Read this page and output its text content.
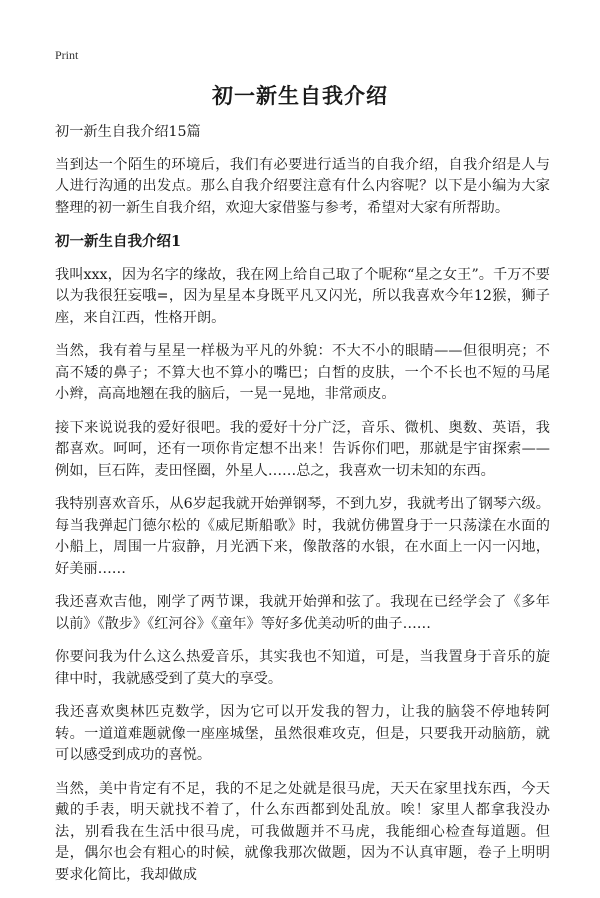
Print
初一新生自我介绍

初一新生自我介绍15篇

当到达一个陌生的环境后，我们有必要进行适当的自我介绍，自我介绍是人与人进行沟通的出发点。那么自我介绍要注意有什么内容呢？以下是小编为大家整理的初一新生自我介绍，欢迎大家借鉴与参考，希望对大家有所帮助。

初一新生自我介绍1

我叫xxx，因为名字的缘故，我在网上给自己取了个昵称“星之女王”。千万不要以为我很狂妄哦=，因为星星本身既平凡又闪光，所以我喜欢今年12猴，狮子座，来自江西，性格开朗。

当然，我有着与星星一样极为平凡的外貌：不大不小的眼睛——但很明亮；不高不矮的鼻子；不算大也不算小的嘴巴；白皙的皮肤，一个不长也不短的马尾小辫，高高地翘在我的脑后，一晃一晃地，非常顽皮。

接下来说说我的爱好很吧。我的爱好十分广泛，音乐、微机、奥数、英语，我都喜欢。呵呵，还有一项你肯定想不出来！告诉你们吧，那就是宇宙探索——例如，巨石阵，麦田怪圈，外星人……总之，我喜欢一切未知的东西。

我特别喜欢音乐，从6岁起我就开始弹钢琴，不到九岁，我就考出了钢琴六级。每当我弹起门德尔松的《威尼斯船歌》时，我就仿佛置身于一只荡漾在水面的小船上，周围一片寂静，月光洒下来，像散落的水银，在水面上一闪一闪地，好美丽……

我还喜欢吉他，刚学了两节课，我就开始弹和弦了。我现在已经学会了《多年以前》《散步》《红河谷》《童年》等好多优美动听的曲子……

你要问我为什么这么热爱音乐，其实我也不知道，可是，当我置身于音乐的旋律中时，我就感受到了莫大的享受。

我还喜欢奥林匹克数学，因为它可以开发我的智力，让我的脑袋不停地转阿转。一道道难题就像一座座城堡，虽然很难攻克，但是，只要我开动脑筋，就可以感受到成功的喜悦。

当然，美中肯定有不足，我的不足之处就是很马虎，天天在家里找东西，今天戴的手表，明天就找不着了，什么东西都到处乱放。唉！家里人都拿我没办法，别看我在生活中很马虎，可我做题并不马虎，我能细心检查每道题。但是，偶尔也会有粗心的时候，就像我那次做题，因为不认真审题，卷子上明明要求化简比，我却做成
